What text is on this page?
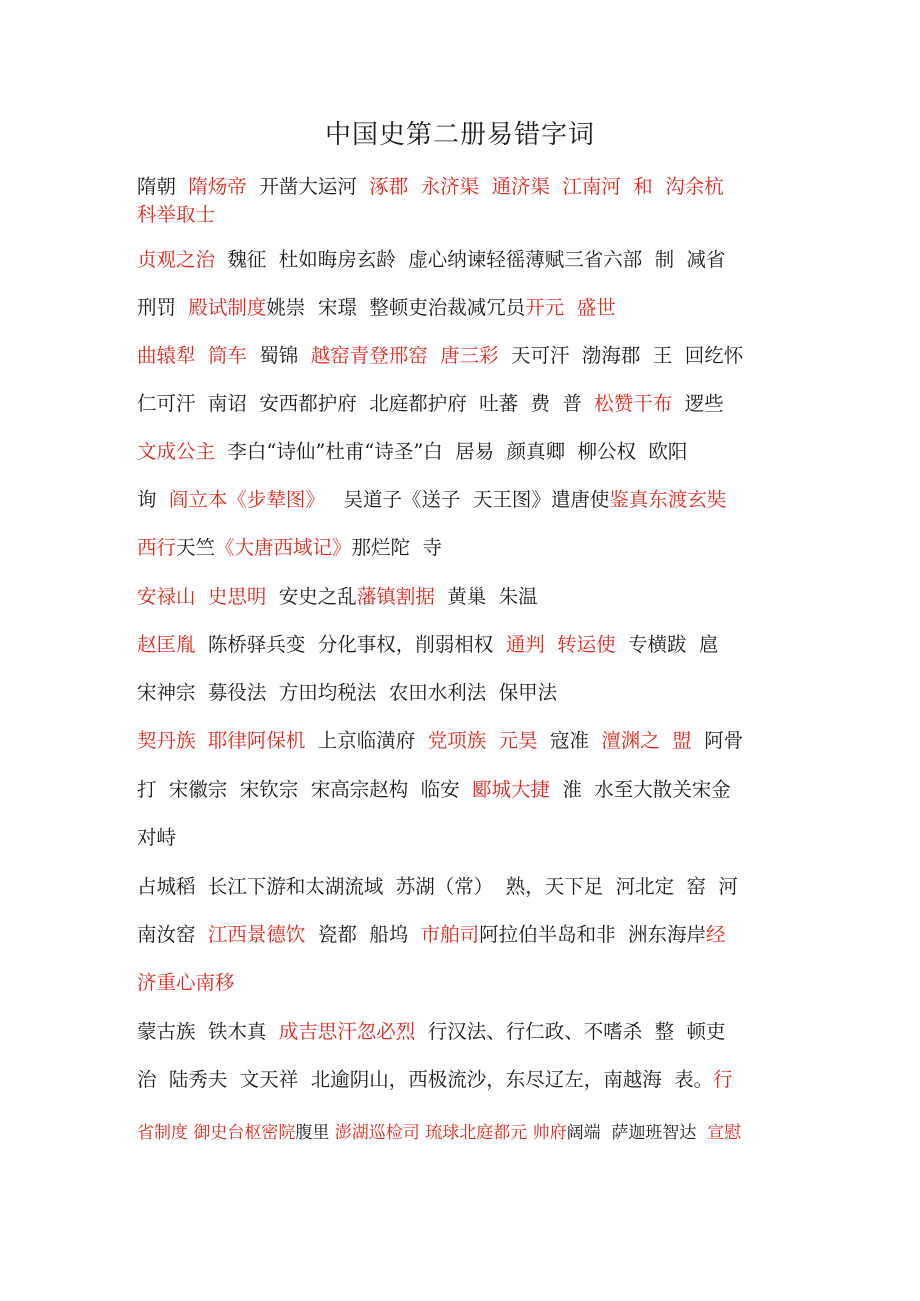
中国史第二册易错字词
隋朝  隋炀帝  开凿大运河  涿郡  永济渠  通济渠  江南河  和  沟余杭
科举取士
贞观之治  魏征  杜如晦房玄龄  虚心纳谏轻徭薄赋三省六部  制  减省
刑罚  殿试制度姚崇  宋璟  整顿吏治裁减冗员开元  盛世
曲辕犁  筒车  蜀锦  越窑青登邢窑  唐三彩  天可汗  渤海郡  王  回纥怀
仁可汗  南诏  安西都护府  北庭都护府  吐蕃  费  普  松赞干布  逻些
文成公主  李白“诗仙”杜甫“诗圣”白  居易  颜真卿  柳公权  欧阳
询  阎立本《步辇图》   吴道子《送子  天王图》遣唐使鉴真东渡玄奘
西行天竺《大唐西域记》那烂陀  寺
安禄山  史思明  安史之乱藩镇割据  黄巢  朱温
赵匡胤  陈桥驿兵变  分化事权，削弱相权  通判  转运使  专横跋  扈
宋神宗  募役法  方田均税法  农田水利法  保甲法
契丹族  耶律阿保机  上京临潢府  党项族  元昊  寇准  澶渊之  盟  阿骨
打  宋徽宗  宋钦宗  宋高宗赵构  临安  郾城大捷  淮  水至大散关宋金
对峙
占城稻  长江下游和太湖流域  苏湖（常）  熟，天下足  河北定  窑  河
南汝窑  江西景德饮  瓷都  船坞  市舶司阿拉伯半岛和非  洲东海岸经
济重心南移
蒙古族  铁木真  成吉思汗忽必烈  行汉法、行仁政、不嗜杀  整  顿吏
治  陆秀夫  文天祥  北逾阴山，西极流沙，东尽辽左，南越海  表。行
省制度 御史台枢密院腹里 澎湖巡检司 琉球北庭都元 帅府阔端  萨迦班智达  宣慰
